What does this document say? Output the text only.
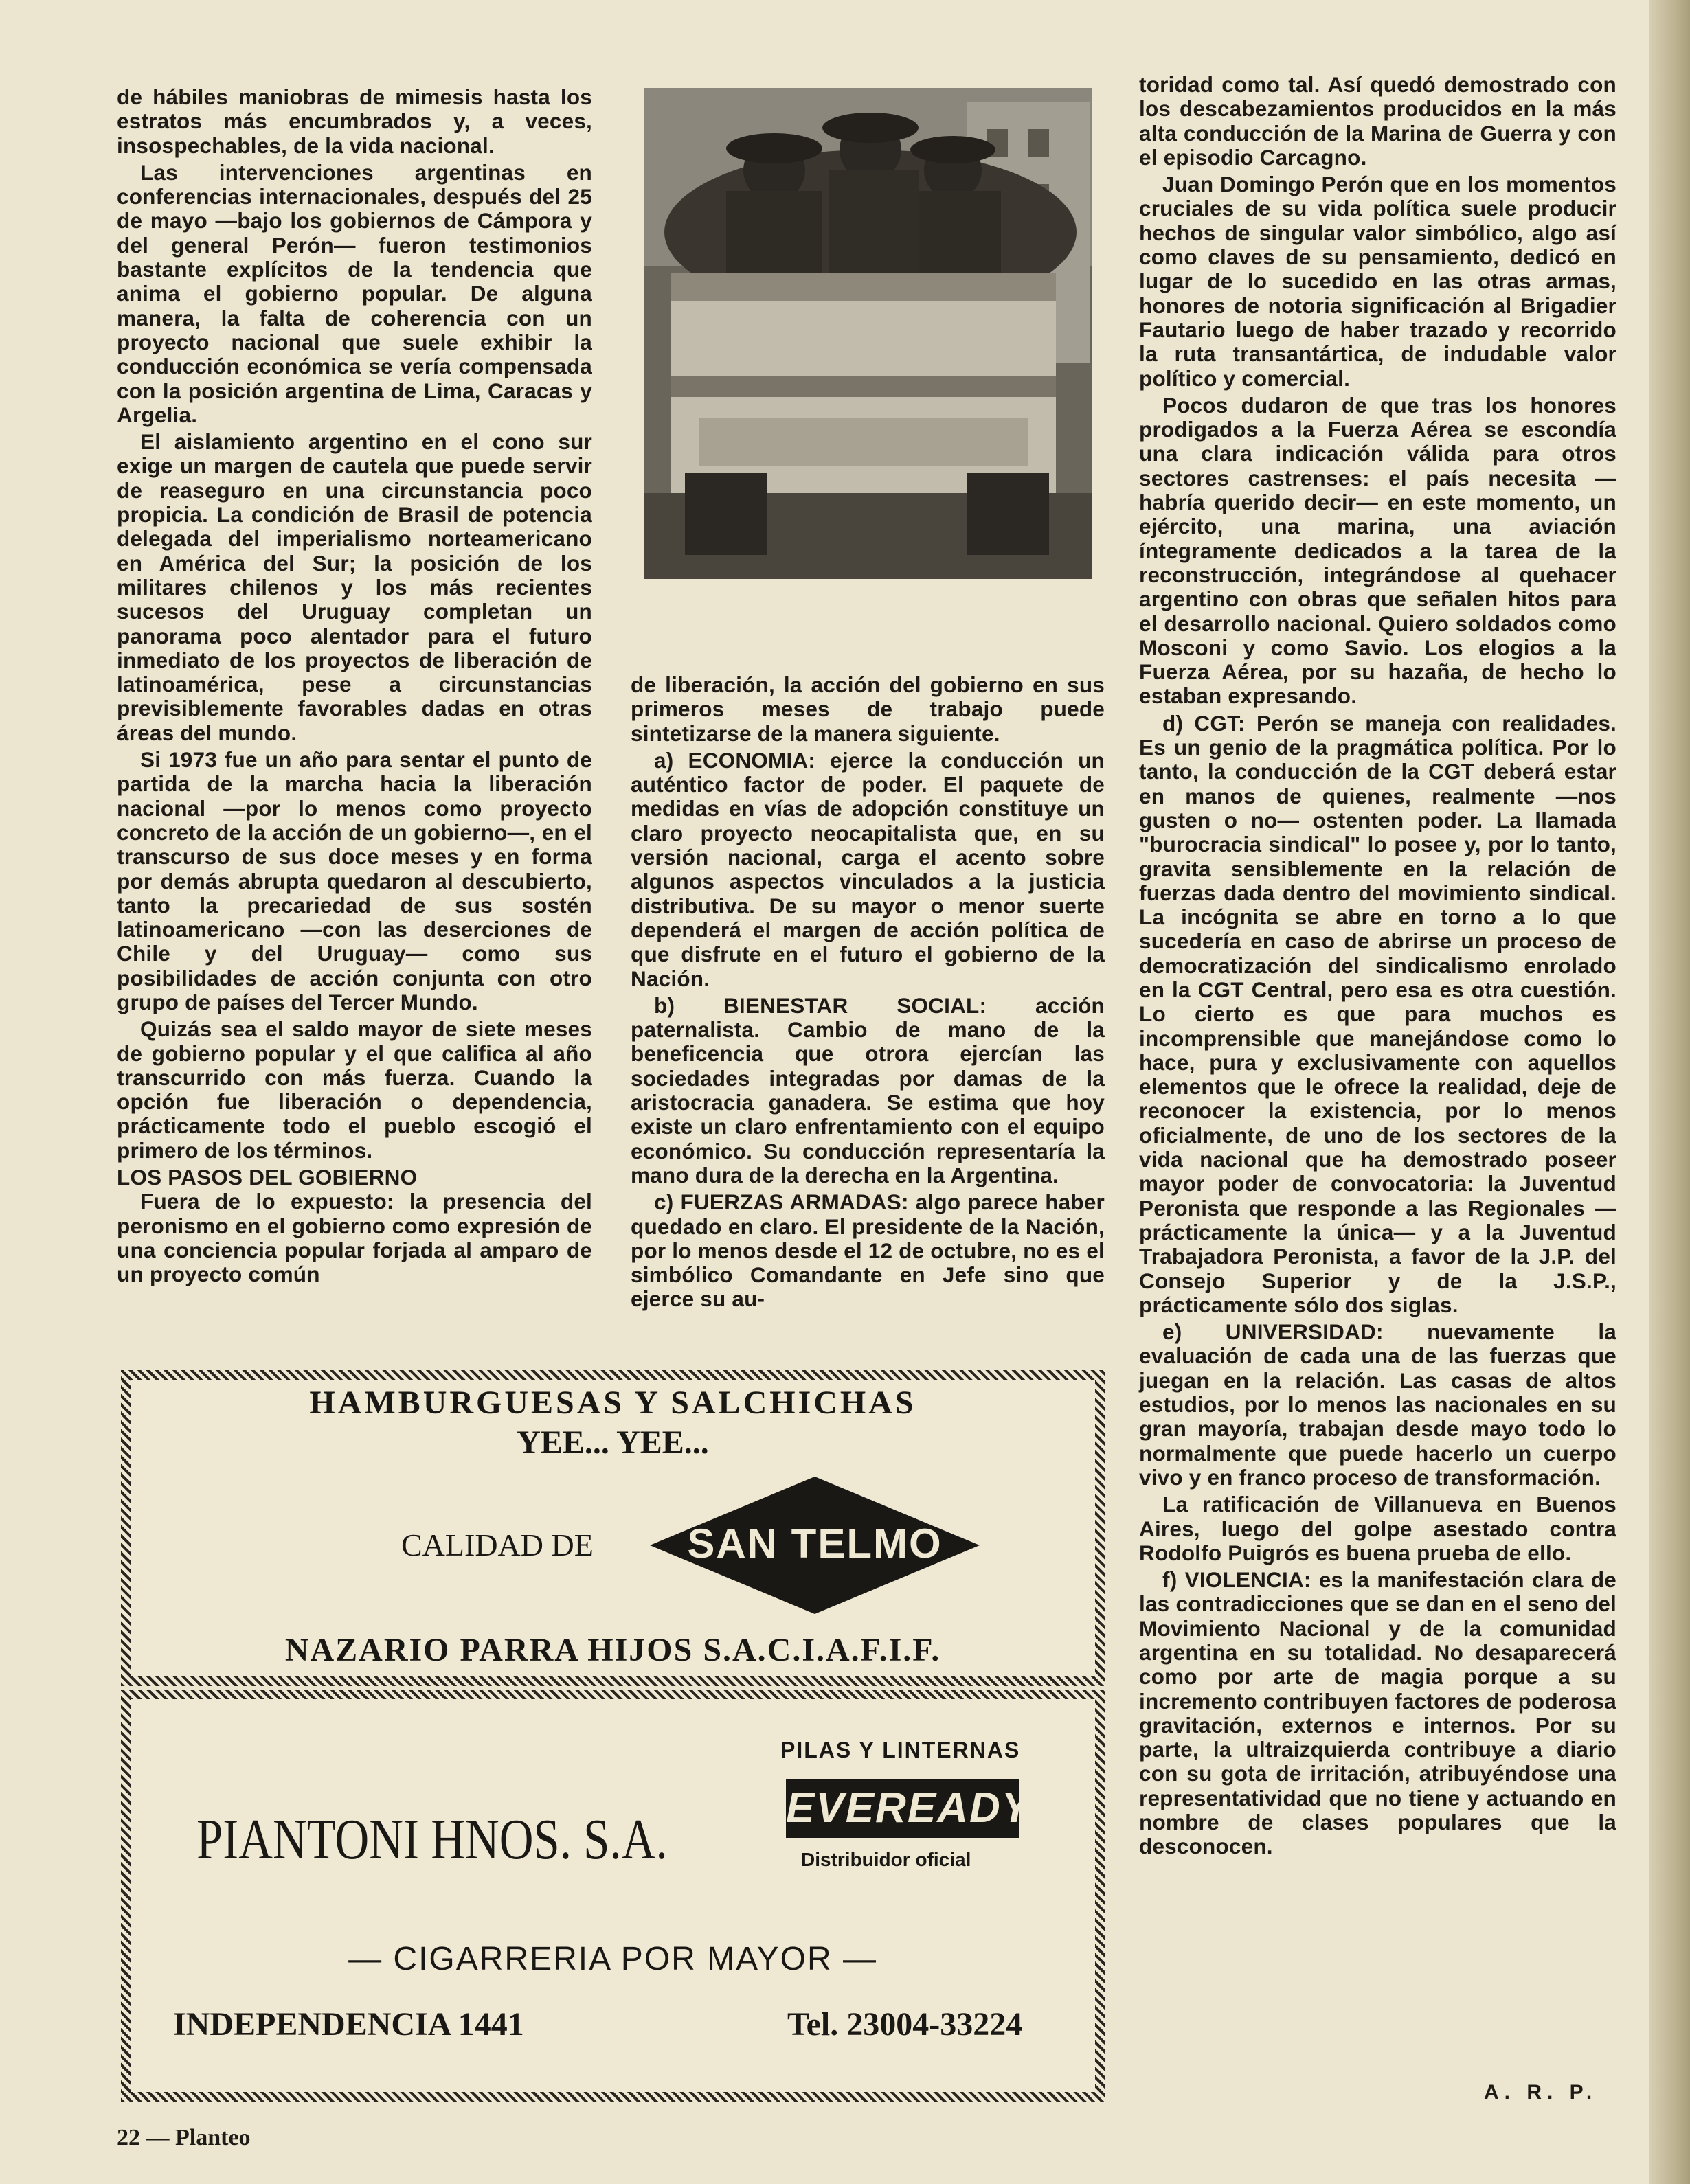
de hábiles maniobras de mimesis hasta los estratos más encumbrados y, a veces, insospechables, de la vida nacional.

Las intervenciones argentinas en conferencias internacionales, después del 25 de mayo —bajo los gobiernos de Cámpora y del general Perón— fueron testimonios bastante explícitos de la tendencia que anima el gobierno popular. De alguna manera, la falta de coherencia con un proyecto nacional que suele exhibir la conducción económica se vería compensada con la posición argentina de Lima, Caracas y Argelia.

El aislamiento argentino en el cono sur exige un margen de cautela que puede servir de reaseguro en una circunstancia poco propicia. La condición de Brasil de potencia delegada del imperialismo norteamericano en América del Sur; la posición de los militares chilenos y los más recientes sucesos del Uruguay completan un panorama poco alentador para el futuro inmediato de los proyectos de liberación de latinoamérica, pese a circunstancias previsiblemente favorables dadas en otras áreas del mundo.

Si 1973 fue un año para sentar el punto de partida de la marcha hacia la liberación nacional —por lo menos como proyecto concreto de la acción de un gobierno—, en el transcurso de sus doce meses y en forma por demás abrupta quedaron al descubierto, tanto la precariedad de sus sostén latinoamericano —con las deserciones de Chile y del Uruguay— como sus posibilidades de acción conjunta con otro grupo de países del Tercer Mundo.

Quizás sea el saldo mayor de siete meses de gobierno popular y el que califica al año transcurrido con más fuerza. Cuando la opción fue liberación o dependencia, prácticamente todo el pueblo escogió el primero de los términos.

LOS PASOS DEL GOBIERNO

Fuera de lo expuesto: la presencia del peronismo en el gobierno como expresión de una conciencia popular forjada al amparo de un proyecto común

de liberación, la acción del gobierno en sus primeros meses de trabajo puede sintetizarse de la manera siguiente.

a) ECONOMIA: ejerce la conducción un auténtico factor de poder. El paquete de medidas en vías de adopción constituye un claro proyecto neocapitalista que, en su versión nacional, carga el acento sobre algunos aspectos vinculados a la justicia distributiva. De su mayor o menor suerte dependerá el margen de acción política de que disfrute en el futuro el gobierno de la Nación.

b) BIENESTAR SOCIAL: acción paternalista. Cambio de mano de la beneficencia que otrora ejercían las sociedades integradas por damas de la aristocracia ganadera. Se estima que hoy existe un claro enfrentamiento con el equipo económico. Su conducción representaría la mano dura de la derecha en la Argentina.

c) FUERZAS ARMADAS: algo parece haber quedado en claro. El presidente de la Nación, por lo menos desde el 12 de octubre, no es el simbólico Comandante en Jefe sino que ejerce su au-

toridad como tal. Así quedó demostrado con los descabezamientos producidos en la más alta conducción de la Marina de Guerra y con el episodio Carcagno.

Juan Domingo Perón que en los momentos cruciales de su vida política suele producir hechos de singular valor simbólico, algo así como claves de su pensamiento, dedicó en lugar de lo sucedido en las otras armas, honores de notoria significación al Brigadier Fautario luego de haber trazado y recorrido la ruta transantártica, de indudable valor político y comercial.

Pocos dudaron de que tras los honores prodigados a la Fuerza Aérea se escondía una clara indicación válida para otros sectores castrenses: el país necesita —habría querido decir— en este momento, un ejército, una marina, una aviación íntegramente dedicados a la tarea de la reconstrucción, integrándose al quehacer argentino con obras que señalen hitos para el desarrollo nacional. Quiero soldados como Mosconi y como Savio. Los elogios a la Fuerza Aérea, por su hazaña, de hecho lo estaban expresando.

d) CGT: Perón se maneja con realidades. Es un genio de la pragmática política. Por lo tanto, la conducción de la CGT deberá estar en manos de quienes, realmente —nos gusten o no— ostenten poder. La llamada "burocracia sindical" lo posee y, por lo tanto, gravita sensiblemente en la relación de fuerzas dada dentro del movimiento sindical. La incógnita se abre en torno a lo que sucedería en caso de abrirse un proceso de democratización del sindicalismo enrolado en la CGT Central, pero esa es otra cuestión. Lo cierto es que para muchos es incomprensible que manejándose como lo hace, pura y exclusivamente con aquellos elementos que le ofrece la realidad, deje de reconocer la existencia, por lo menos oficialmente, de uno de los sectores de la vida nacional que ha demostrado poseer mayor poder de convocatoria: la Juventud Peronista que responde a las Regionales —prácticamente la única— y a la Juventud Trabajadora Peronista, a favor de la J.P. del Consejo Superior y de la J.S.P., prácticamente sólo dos siglas.

e) UNIVERSIDAD: nuevamente la evaluación de cada una de las fuerzas que juegan en la relación. Las casas de altos estudios, por lo menos las nacionales en su gran mayoría, trabajan desde mayo todo lo normalmente que puede hacerlo un cuerpo vivo y en franco proceso de transformación.

La ratificación de Villanueva en Buenos Aires, luego del golpe asestado contra Rodolfo Puigrós es buena prueba de ello.

f) VIOLENCIA: es la manifestación clara de las contradicciones que se dan en el seno del Movimiento Nacional y de la comunidad argentina en su totalidad. No desaparecerá como por arte de magia porque a su incremento contribuyen factores de poderosa gravitación, externos e internos. Por su parte, la ultraizquierda contribuye a diario con su gota de irritación, atribuyéndose una representatividad que no tiene y actuando en nombre de clases populares que la desconocen.

A. R. P.
HAMBURGUESAS Y SALCHICHAS
YEE... YEE...
CALIDAD DE	SAN TELMO
NAZARIO PARRA HIJOS S.A.C.I.A.F.I.F.
PILAS Y LINTERNAS
EVEREADY
Distribuidor oficial
PIANTONI HNOS. S.A.
— CIGARRERIA POR MAYOR —
INDEPENDENCIA 1441	Tel. 23004-33224
22 — Planteo
